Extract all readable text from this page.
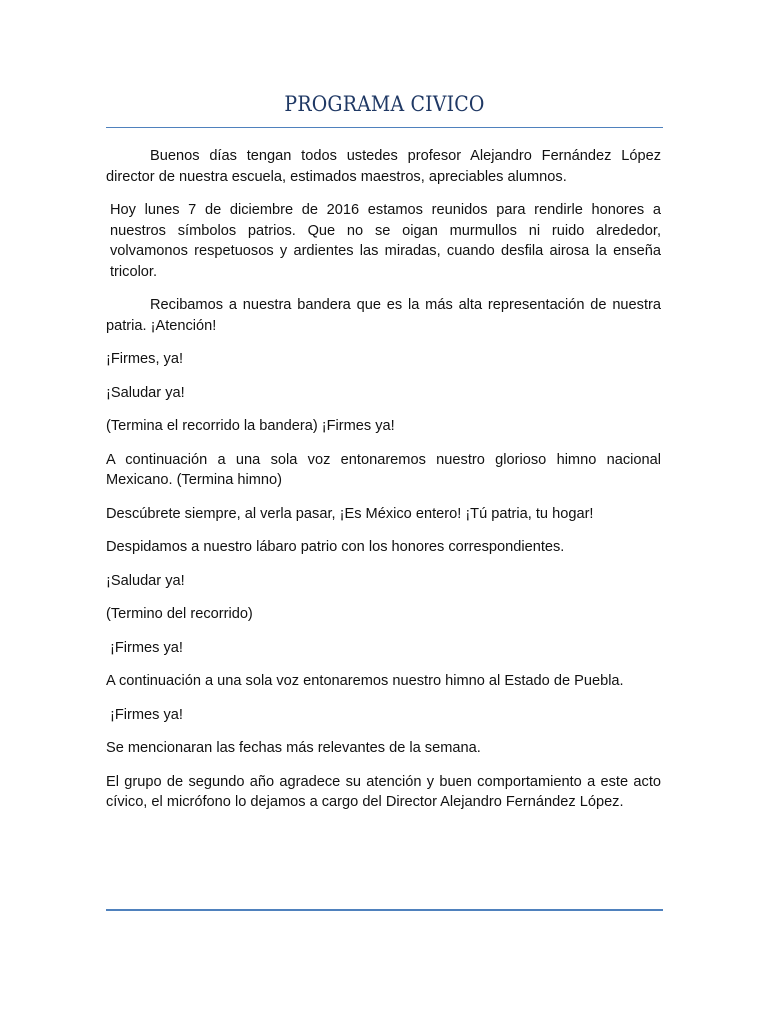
PROGRAMA CIVICO

Buenos días tengan todos ustedes profesor Alejandro Fernández López director de nuestra escuela, estimados maestros, apreciables alumnos.

Hoy lunes 7 de diciembre de 2016 estamos reunidos para rendirle honores a nuestros símbolos patrios. Que no se oigan murmullos ni ruido alrededor, volvamonos respetuosos y ardientes las miradas, cuando desfila airosa la enseña tricolor.

Recibamos a nuestra bandera que es la más alta representación de nuestra patria. ¡Atención!

¡Firmes, ya!

¡Saludar ya!

(Termina el recorrido la bandera) ¡Firmes ya!

A continuación a una sola voz entonaremos nuestro glorioso himno nacional Mexicano. (Termina himno)

Descúbrete siempre, al verla pasar, ¡Es México entero! ¡Tú patria, tu hogar!

Despidamos a nuestro lábaro patrio con los honores correspondientes.

¡Saludar ya!

(Termino del recorrido)

¡Firmes ya!

A continuación a una sola voz entonaremos nuestro himno al Estado de Puebla.

¡Firmes ya!

Se mencionaran las fechas más relevantes de la semana.

El grupo de segundo año agradece su atención y buen comportamiento a este acto cívico, el micrófono lo dejamos a cargo del Director Alejandro Fernández López.
